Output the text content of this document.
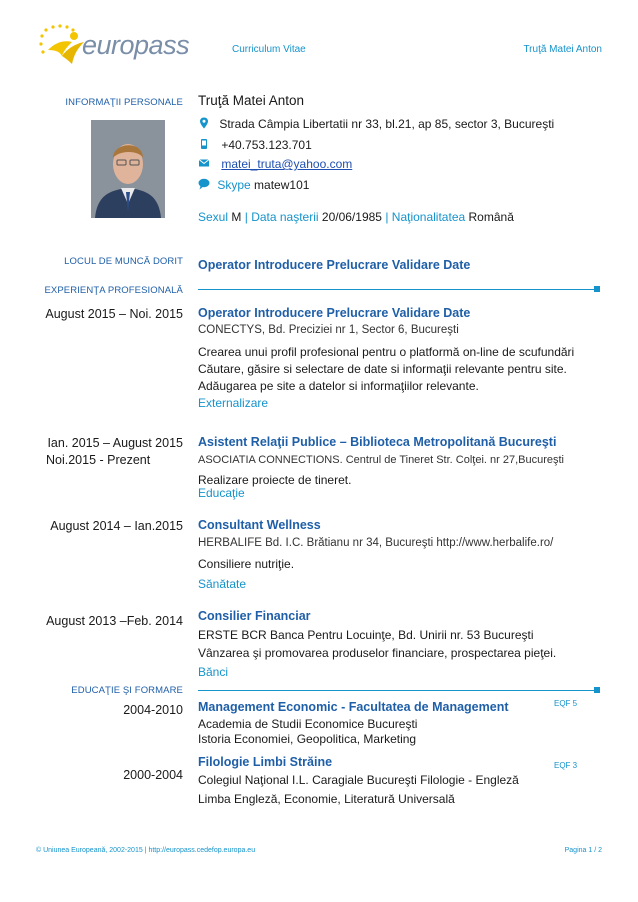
europass	Curriculum Vitae	Truţă Matei Anton
INFORMAŢII PERSONALE Truţă Matei Anton
Strada Câmpia Libertatii nr 33, bl.21, ap 85, sector 3, Bucureşti
+40.753.123.701
matei_truta@yahoo.com
Skype matew101
Sexul M | Data naşterii 20/06/1985 | Naţionalitatea Română
LOCUL DE MUNCĂ DORIT Operator Introducere Prelucrare Validare Date
EXPERIENŢA PROFESIONALĂ
August 2015 – Noi. 2015 Operator Introducere Prelucrare Validare Date
CONECTYS, Bd. Preciziei nr 1, Sector 6, Bucureşti
Crearea unui profil profesional pentru o platformă on-line de scufundări
Căutare, găsire si selectare de date si informaţii relevante pentru site.
Adăugarea pe site a datelor si informaţiilor relevante.
Externalizare
Ian. 2015 – August 2015
Noi.2015 - Prezent
Asistent Relaţii Publice – Biblioteca Metropolitană Bucureşti
ASOCIATIA CONNECTIONS. Centrul de Tineret Str. Colţei. nr 27,Bucureşti
Realizare proiecte de tineret.
Educaţie
August 2014 – Ian.2015 Consultant Wellness
HERBALIFE Bd. I.C. Brătianu nr 34, Bucureşti http://www.herbalife.ro/
Consiliere nutriţie.
Sănătate
August 2013 –Feb. 2014 Consilier Financiar
ERSTE BCR Banca Pentru Locuinţe, Bd. Unirii nr. 53 Bucureşti
Vânzarea şi promovarea produselor financiare, prospectarea pieţei.
Bănci
EDUCAŢIE ŞI FORMARE
2004-2010 Management Economic - Facultatea de Management	EQF 5
Academia de Studii Economice Bucureşti
Istoria Economiei, Geopolitica, Marketing
2000-2004
Filologie Limbi Străine	EQF 3
Colegiul Naţional I.L. Caragiale Bucureşti Filologie - Engleză
Limba Engleză, Economie, Literatură Universală
© Uniunea Europeană, 2002-2015 | http://europass.cedefop.europa.eu	Pagina 1 / 2
